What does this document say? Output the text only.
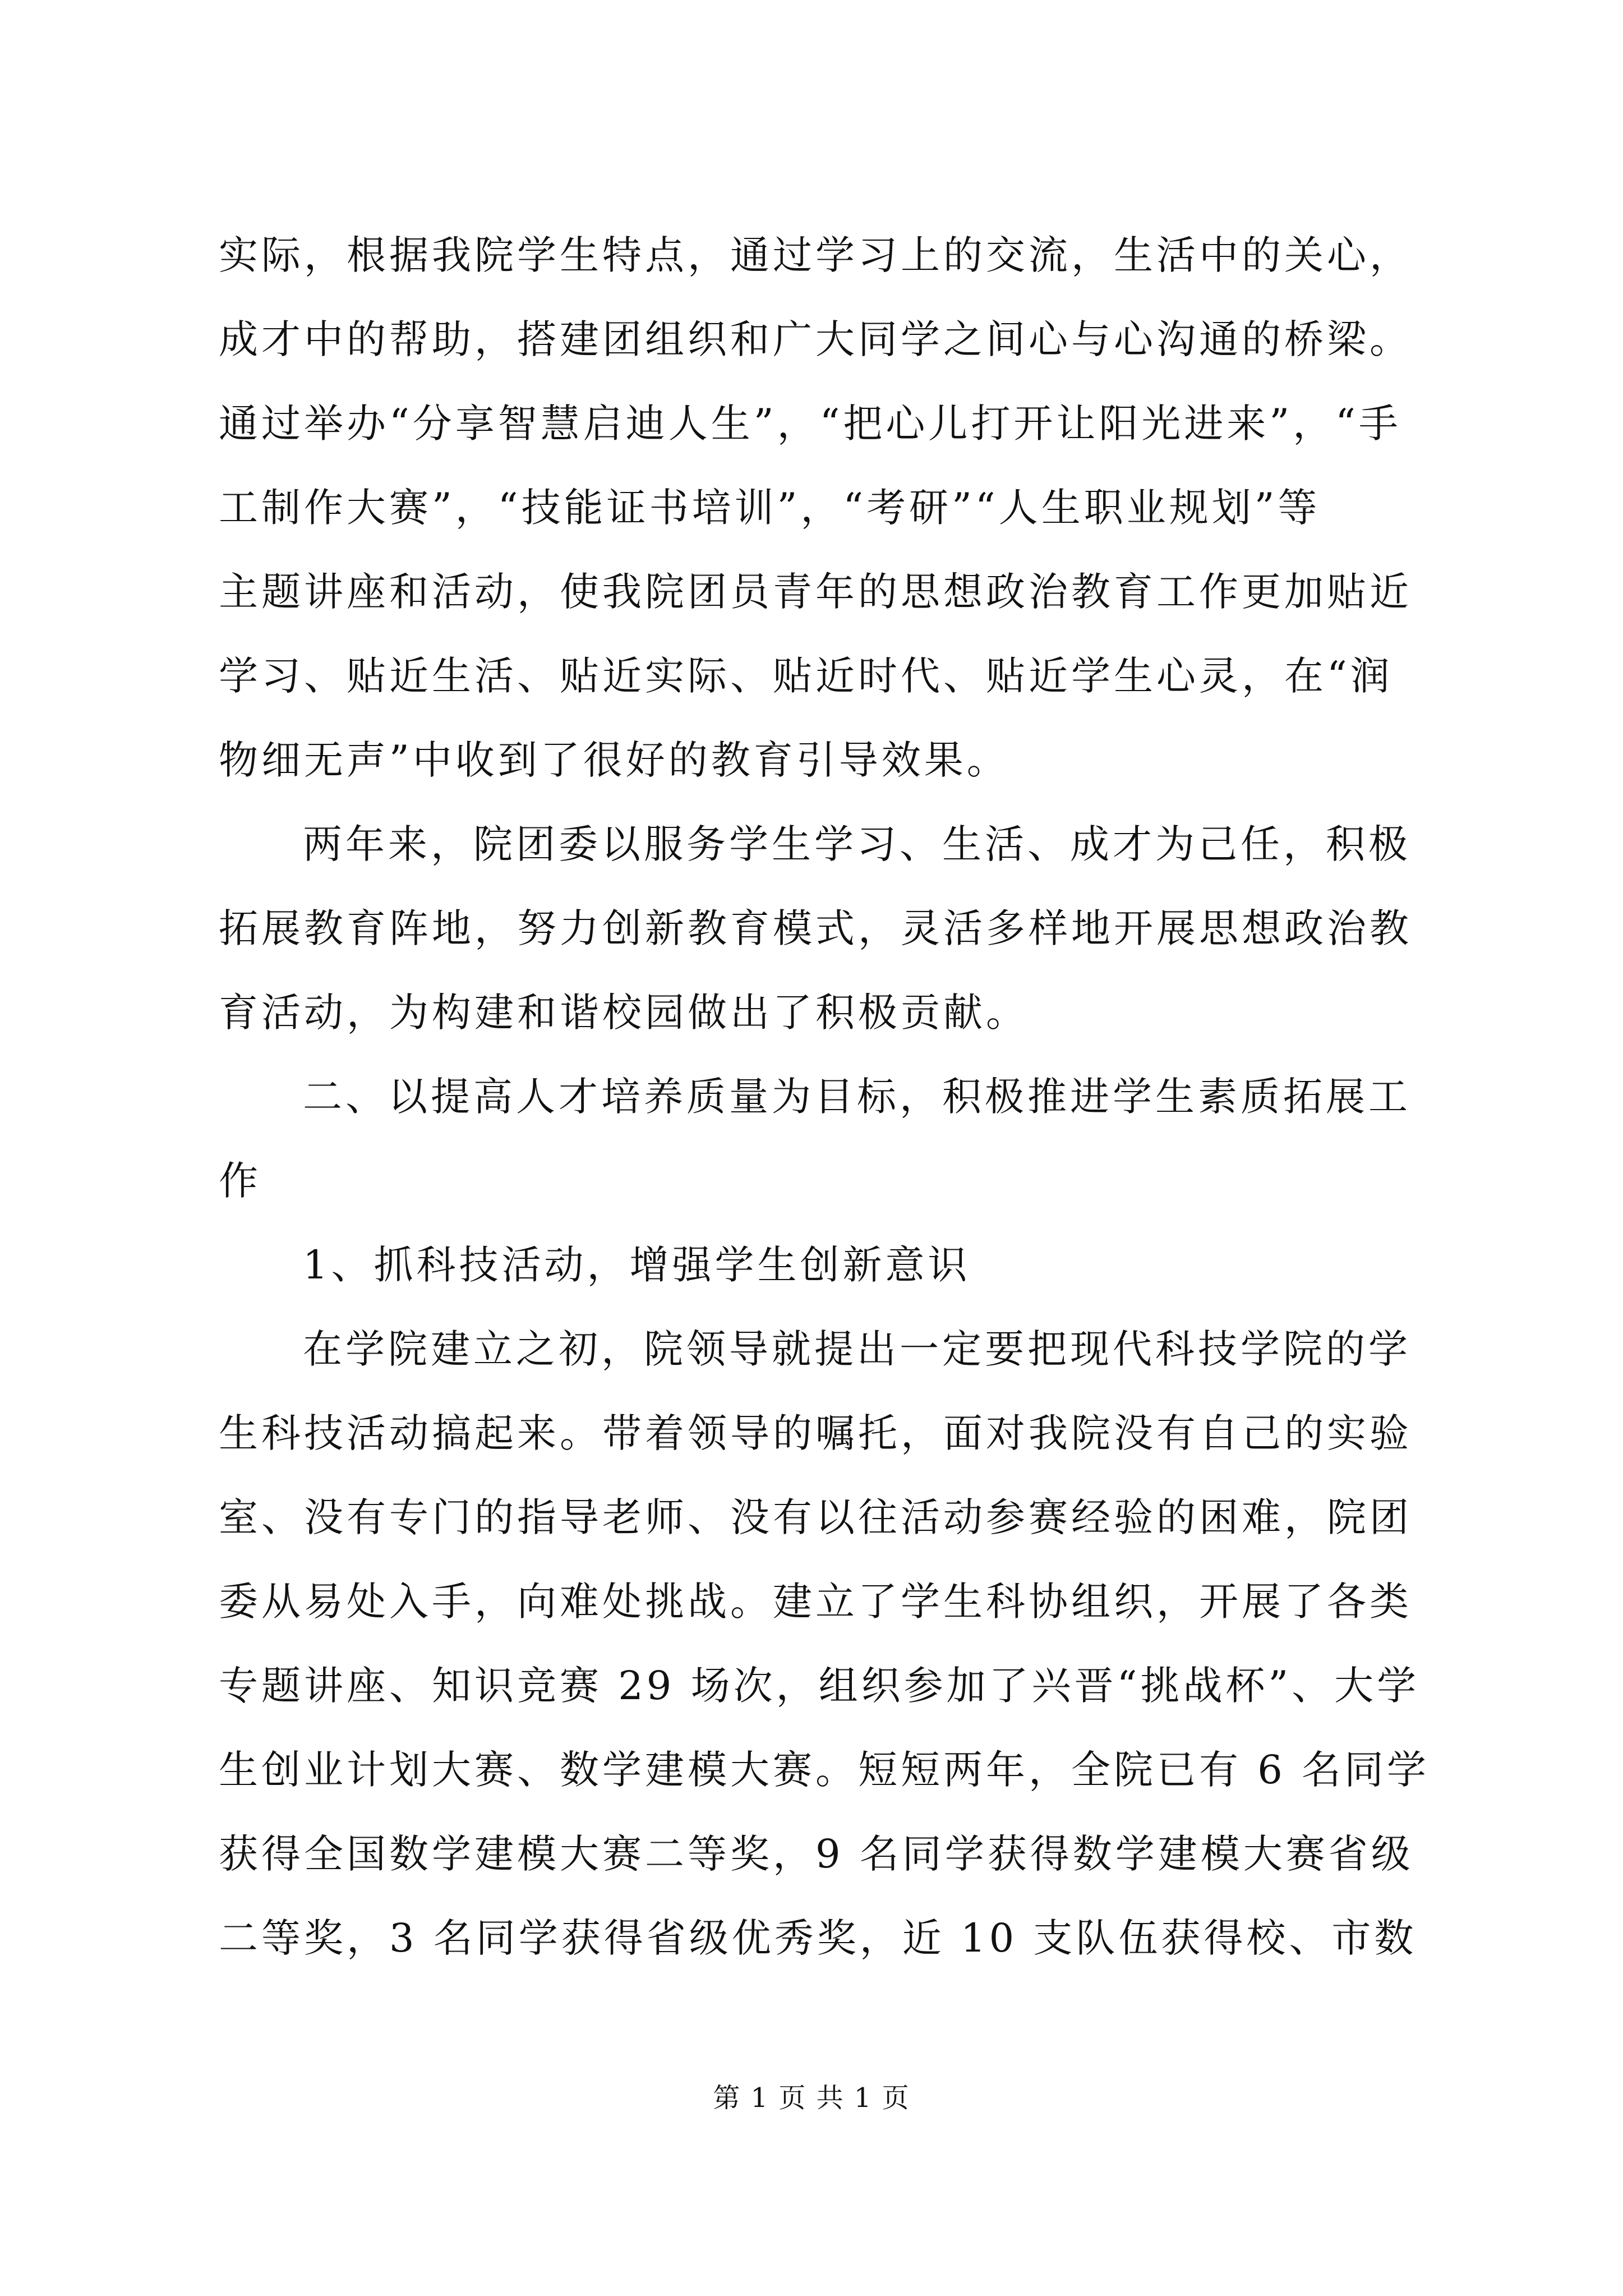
实际，根据我院学生特点，通过学习上的交流，生活中的关心，
成才中的帮助，搭建团组织和广大同学之间心与心沟通的桥梁。
通过举办“分享智慧启迪人生”，“把心儿打开让阳光进来”，“手
工制作大赛”，“技能证书培训”，“考研”“人生职业规划”等
主题讲座和活动，使我院团员青年的思想政治教育工作更加贴近
学习、贴近生活、贴近实际、贴近时代、贴近学生心灵，在“润
物细无声”中收到了很好的教育引导效果。
两年来，院团委以服务学生学习、生活、成才为己任，积极
拓展教育阵地，努力创新教育模式，灵活多样地开展思想政治教
育活动，为构建和谐校园做出了积极贡献。
二、以提高人才培养质量为目标，积极推进学生素质拓展工
作
1、抓科技活动，增强学生创新意识
在学院建立之初，院领导就提出一定要把现代科技学院的学
生科技活动搞起来。带着领导的嘱托，面对我院没有自己的实验
室、没有专门的指导老师、没有以往活动参赛经验的困难，院团
委从易处入手，向难处挑战。建立了学生科协组织，开展了各类
专题讲座、知识竞赛 29 场次，组织参加了兴晋“挑战杯”、大学
生创业计划大赛、数学建模大赛。短短两年，全院已有 6 名同学
获得全国数学建模大赛二等奖，9 名同学获得数学建模大赛省级
二等奖，3 名同学获得省级优秀奖，近 10 支队伍获得校、市数
第 1 页 共 1 页
